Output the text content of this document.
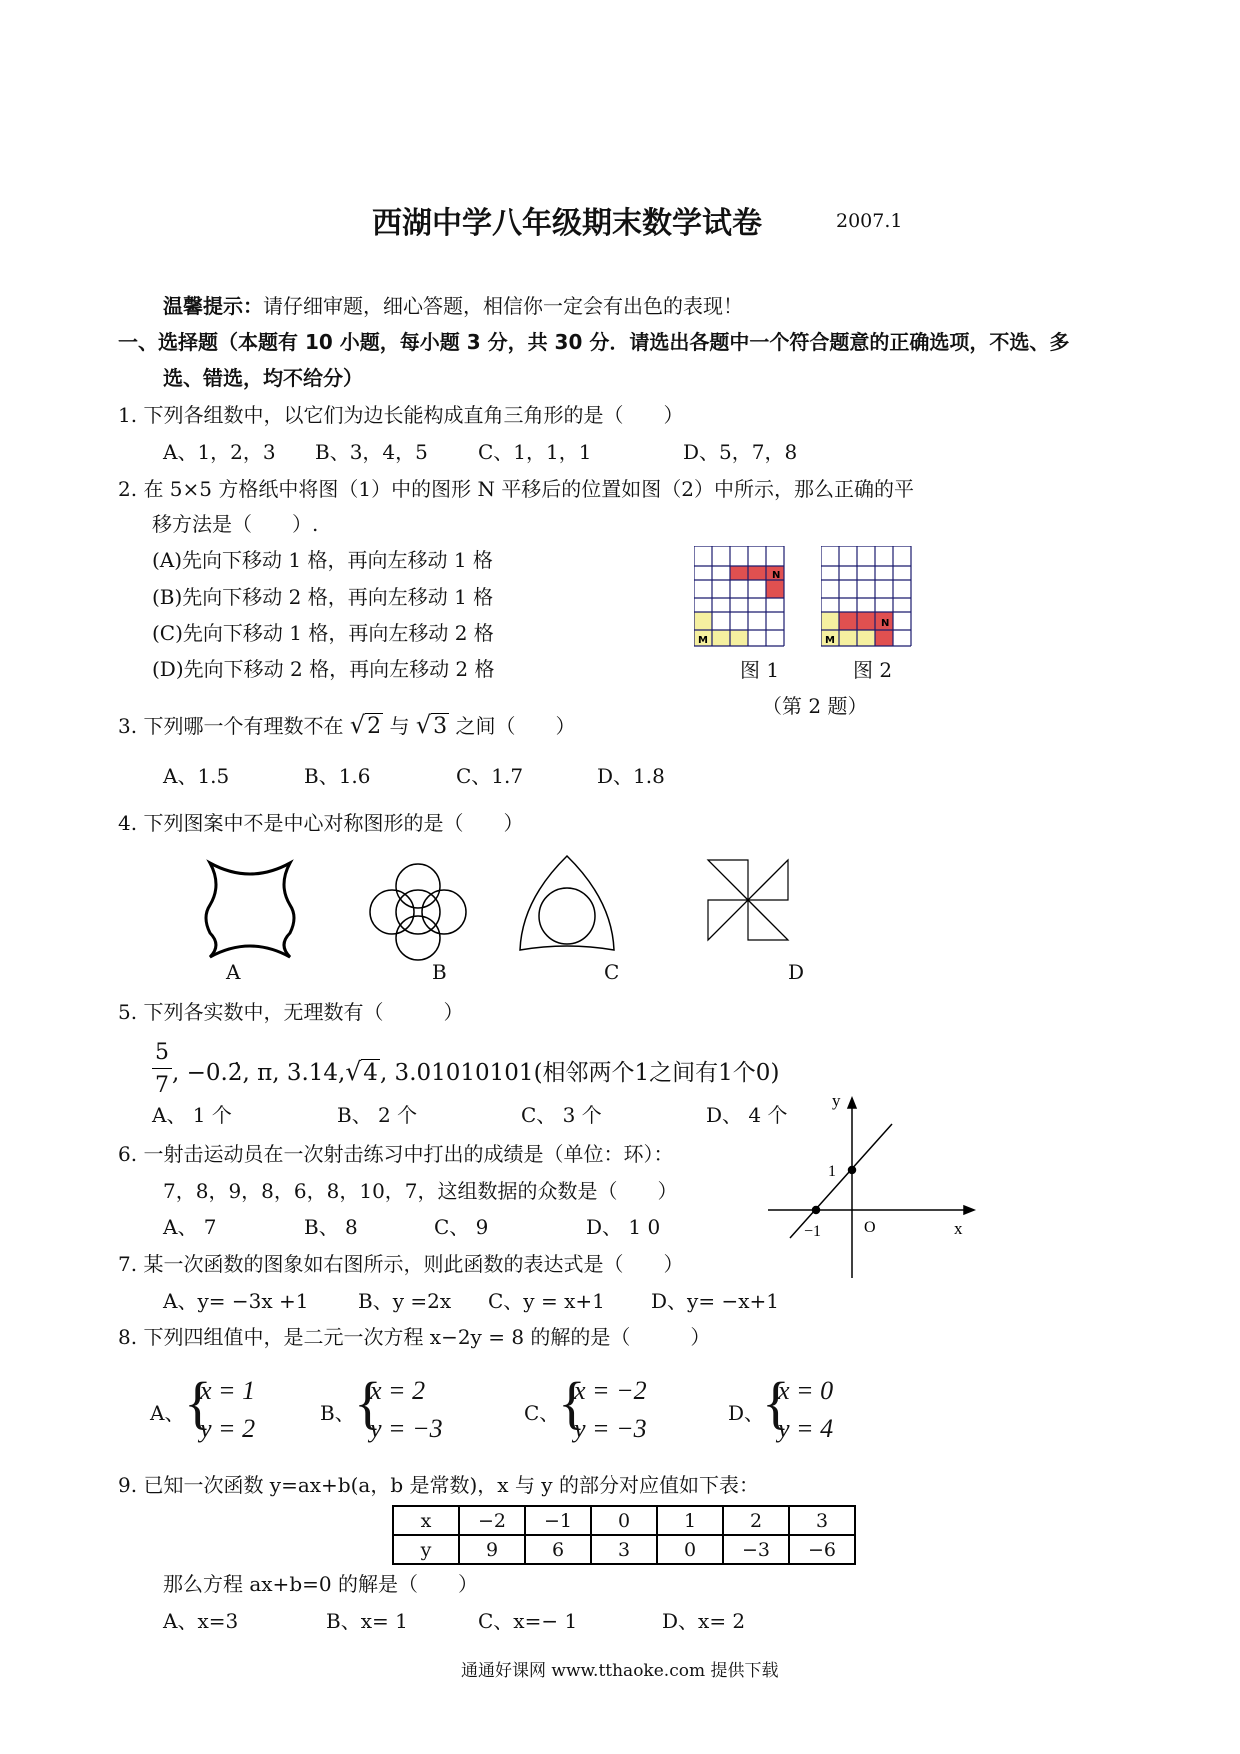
西湖中学八年级期末数学试卷	2007.1
温馨提示：请仔细审题，细心答题，相信你一定会有出色的表现！
一、选择题（本题有 10 小题，每小题 3 分，共 30 分．请选出各题中一个符合题意的正确选项，不选、多
选、错选，均不给分）
1. 下列各组数中，以它们为边长能构成直角三角形的是（　　）
A、1，2，3 B、3，4，5	C、1，1，1	D、5，7，8
2. 在 5×5 方格纸中将图（1）中的图形 N 平移后的位置如图（2）中所示，那么正确的平
移方法是（　　）.
(A)先向下移动 1 格，再向左移动 1 格
(B)先向下移动 2 格，再向左移动 1 格
(C)先向下移动 1 格，再向左移动 2 格
(D)先向下移动 2 格，再向左移动 2 格
N
M
N
M
图 1	图 2
（第 2 题）
3. 下列哪一个有理数不在 √2 与 √3 之间（　　）
A、1.5	B、1.6	C、1.7	D、1.8
4. 下列图案中不是中心对称图形的是（　　）
A	B	C	D
5. 下列各实数中，无理数有（　　　）
5
7 , −0.2̇, π, 3.14,√4, 3.01010101(相邻两个1之间有1个0)
A、 1 个	B、 2 个	C、 3 个	D、 4 个
6. 一射击运动员在一次射击练习中打出的成绩是（单位：环）：
7，8，9，8，6，8，10，7，这组数据的众数是（　　）
A、 7	B、 8	C、 9	D、 1 0
y
x
O
1
−1
7. 某一次函数的图象如右图所示，则此函数的表达式是（　　）
A、y= −3x +1 B、y =2x C、y = x+1 D、y= −x+1
8. 下列四组值中，是二元一次方程 x−2y = 8 的解的是（　　　）
A、 {
x = 1
y = 2
B、 {
x = 2
y = −3
C、
{
x = −2
y = −3
D、
{
x = 0
y = 4
9. 已知一次函数 y=ax+b(a，b 是常数)，x 与 y 的部分对应值如下表：
x	−2	−1	0	1	2	3
y	9	6	3	0	−3	−6
那么方程 ax+b=0 的解是（　　）
A、x=3	B、x= 1	C、x=− 1	D、x= 2
通通好课网 www.tthaoke.com 提供下载
